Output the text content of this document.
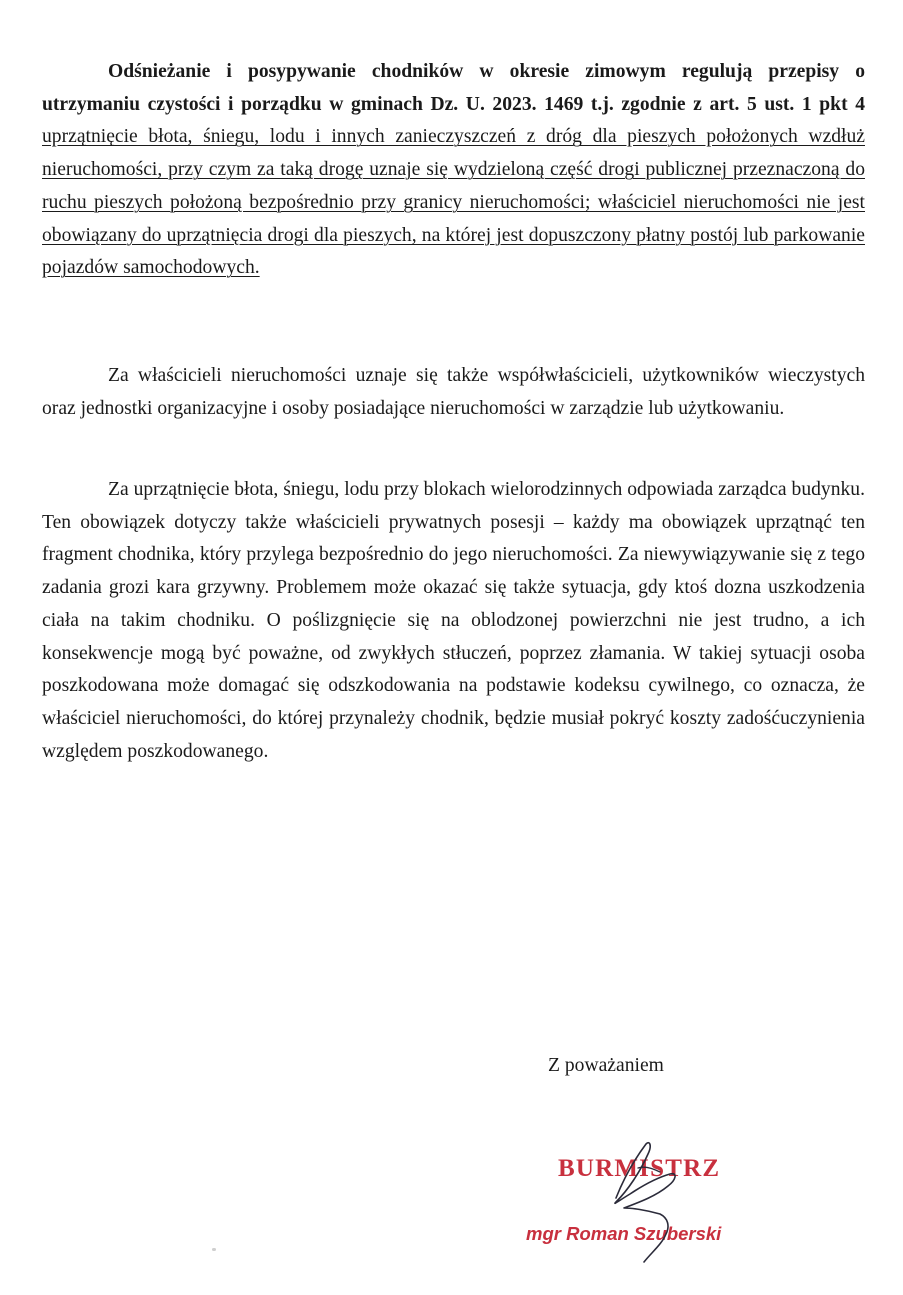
Odśnieżanie i posypywanie chodników w okresie zimowym regulują przepisy o utrzymaniu czystości i porządku w gminach Dz. U. 2023. 1469 t.j. zgodnie z art. 5 ust. 1 pkt 4 uprzątnięcie błota, śniegu, lodu i innych zanieczyszczeń z dróg dla pieszych położonych wzdłuż nieruchomości, przy czym za taką drogę uznaje się wydzieloną część drogi publicznej przeznaczoną do ruchu pieszych położoną bezpośrednio przy granicy nieruchomości; właściciel nieruchomości nie jest obowiązany do uprzątnięcia drogi dla pieszych, na której jest dopuszczony płatny postój lub parkowanie pojazdów samochodowych.

Za właścicieli nieruchomości uznaje się także współwłaścicieli, użytkowników wieczystych oraz jednostki organizacyjne i osoby posiadające nieruchomości w zarządzie lub użytkowaniu.

Za uprzątnięcie błota, śniegu, lodu przy blokach wielorodzinnych odpowiada zarządca budynku. Ten obowiązek dotyczy także właścicieli prywatnych posesji – każdy ma obowiązek uprzątnąć ten fragment chodnika, który przylega bezpośrednio do jego nieruchomości. Za niewywiązywanie się z tego zadania grozi kara grzywny. Problemem może okazać się także sytuacja, gdy ktoś dozna uszkodzenia ciała na takim chodniku. O poślizgnięcie się na oblodzonej powierzchni nie jest trudno, a ich konsekwencje mogą być poważne, od zwykłych stłuczeń, poprzez złamania. W takiej sytuacji osoba poszkodowana może domagać się odszkodowania na podstawie kodeksu cywilnego, co oznacza, że właściciel nieruchomości, do której przynależy chodnik, będzie musiał pokryć koszty zadośćuczynienia względem poszkodowanego.

Z poważaniem

BURMISTRZ

mgr Roman Szuberski
